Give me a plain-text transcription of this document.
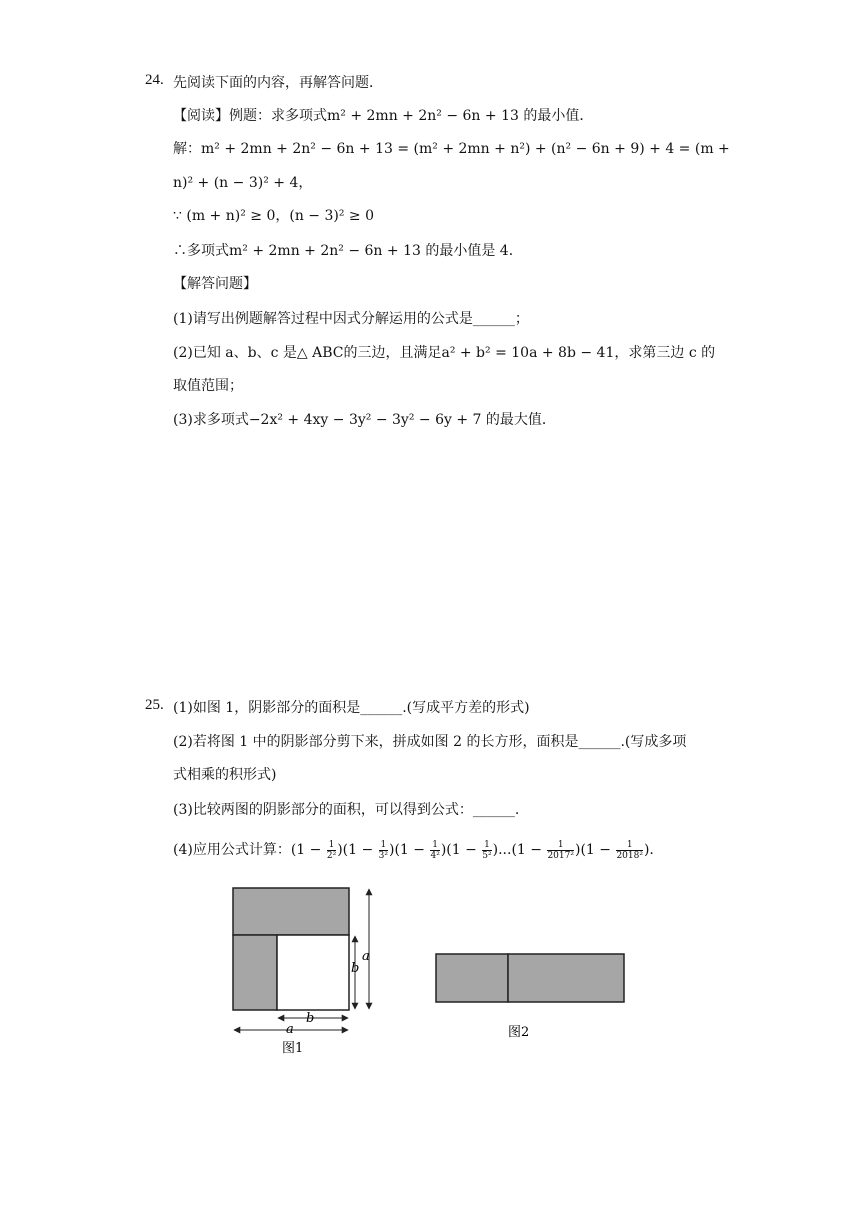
24. 先阅读下面的内容，再解答问题．
【阅读】例题：求多项式m² + 2mn + 2n² − 6n + 13 的最小值．
解：m² + 2mn + 2n² − 6n + 13 = (m² + 2mn + n²) + (n² − 6n + 9) + 4 = (m +
n)² + (n − 3)² + 4，
∵ (m + n)² ≥ 0，(n − 3)² ≥ 0
∴多项式m² + 2mn + 2n² − 6n + 13 的最小值是 4．
【解答问题】
(1)请写出例题解答过程中因式分解运用的公式是______；
(2)已知 a、b、c 是△ ABC的三边，且满足a² + b² = 10a + 8b − 41，求第三边 c 的
取值范围；
(3)求多项式−2x² + 4xy − 3y² − 3y² − 6y + 7 的最大值．
25. (1)如图 1，阴影部分的面积是______.(写成平方差的形式)
(2)若将图 1 中的阴影部分剪下来，拼成如图 2 的长方形，面积是______.(写成多项
式相乘的积形式)
(3)比较两图的阴影部分的面积，可以得到公式：______.
(4)应用公式计算：$(1 - \frac{1}{\text{2²}} )(1 - \frac{1}{\text{3²}} )(1 - \frac{1}{\text{4²}} )(1 - \frac{1}{\text{5²}} )...(1 - \frac{1}{\text{2017²}} )(1 - \frac{1}{\text{2018²}}$ ).
a
b
a
b
图1
图2
